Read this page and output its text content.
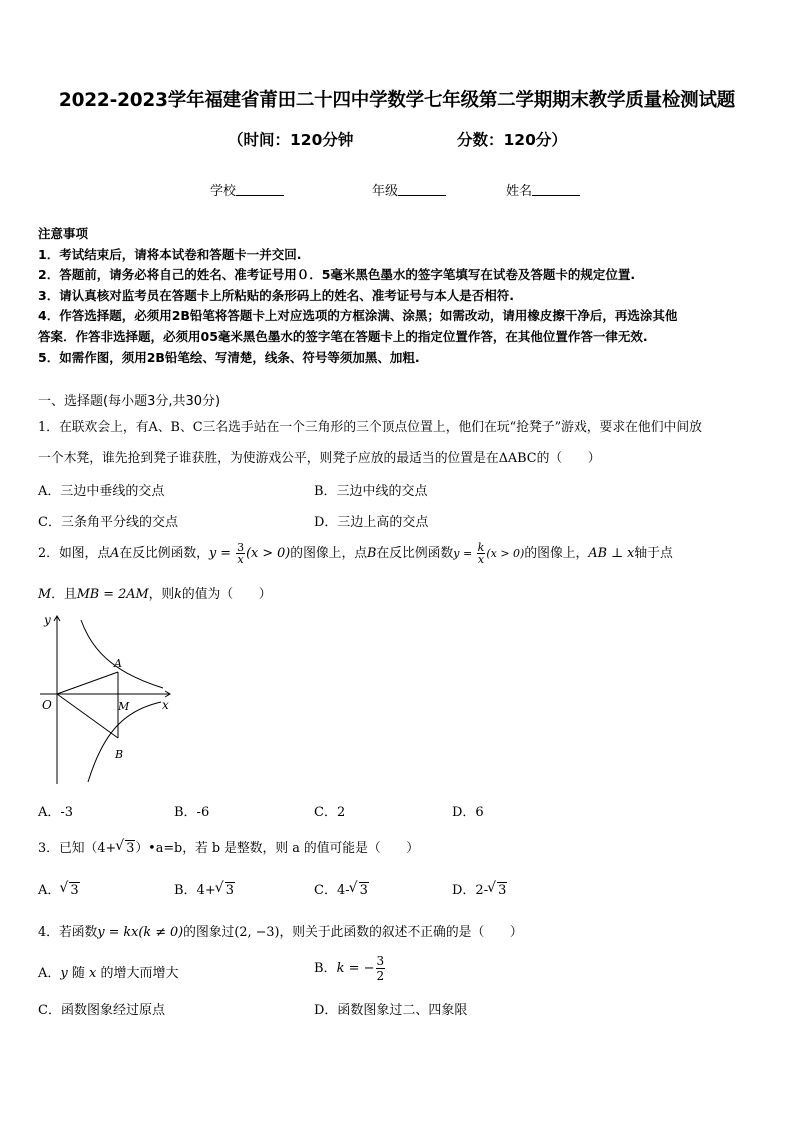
2022-2023学年福建省莆田二十四中学数学七年级第二学期期末教学质量检测试题
（时间：120分钟	分数：120分）
学校	年级	姓名
注意事项
1．考试结束后，请将本试卷和答题卡一并交回.
2．答题前，请务必将自己的姓名、准考证号用０．5毫米黑色墨水的签字笔填写在试卷及答题卡的规定位置.
3．请认真核对监考员在答题卡上所粘贴的条形码上的姓名、准考证号与本人是否相符.
4．作答选择题，必须用2B铅笔将答题卡上对应选项的方框涂满、涂黑；如需改动，请用橡皮擦干净后，再选涂其他
答案．作答非选择题，必须用05毫米黑色墨水的签字笔在答题卡上的指定位置作答，在其他位置作答一律无效.
5．如需作图，须用2B铅笔绘、写清楚，线条、符号等须加黑、加粗.
一、选择题(每小题3分,共30分)
1．在联欢会上，有A、B、C三名选手站在一个三角形的三个顶点位置上，他们在玩“抢凳子”游戏，要求在他们中间放
一个木凳，谁先抢到凳子谁获胜，为使游戏公平，则凳子应放的最适当的位置是在ΔABC的（　　）
A．三边中垂线的交点	B．三边中线的交点
C．三条角平分线的交点	D．三边上高的交点
2．如图，点A在反比例函数，$y = \frac{3}{x} (x > 0)$的图像上，点B在反比例函数$y = \frac{k}{x} (x > 0)$的图像上，AB ⊥ x轴于点
M．且MB = 2AM，则k的值为（　　）
y
x
O
A
M
B
A．-3	B．-6	C．2	D．6
3．已知（4+ √ 3）•a=b，若 b 是整数，则 a 的值可能是（　　）
A． √ 3	B．4+ √ 3	C．4- √ 3	D．2- √ 3
4．若函数y = kx(k ≠ 0)的图象过(2, −3)，则关于此函数的叙述不正确的是（　　）
A．y 随 x 的增大而增大	B．k = − $\frac{3}{2}$
C．函数图象经过原点	D．函数图象过二、四象限
